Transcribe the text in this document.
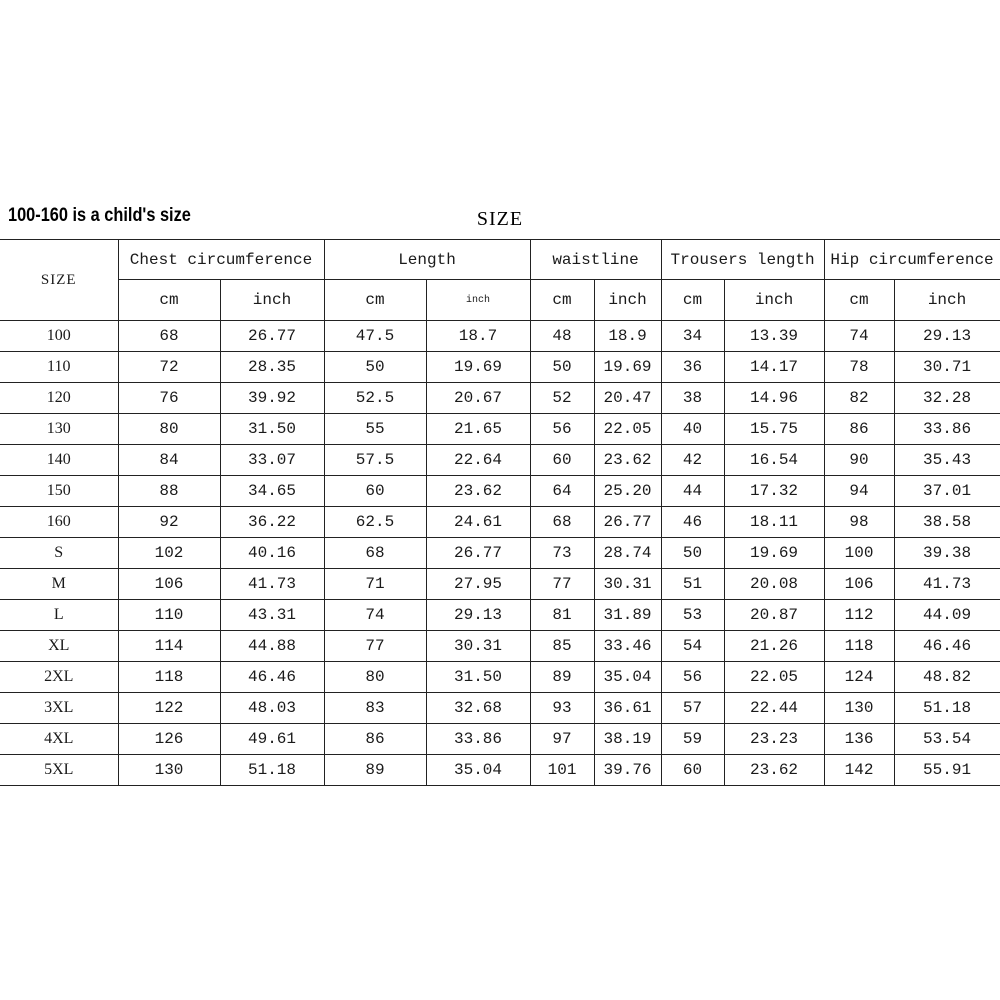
100-160 is a child's size	SIZE
SIZE	Chest circumference		Length		waistline		Trousers length		Hip circumference	
	cm	inch	cm	inch	cm	inch	cm	inch	cm	inch
100	68	26.77	47.5	18.7	48	18.9	34	13.39	74	29.13
110	72	28.35	50	19.69	50	19.69	36	14.17	78	30.71
120	76	39.92	52.5	20.67	52	20.47	38	14.96	82	32.28
130	80	31.50	55	21.65	56	22.05	40	15.75	86	33.86
140	84	33.07	57.5	22.64	60	23.62	42	16.54	90	35.43
150	88	34.65	60	23.62	64	25.20	44	17.32	94	37.01
160	92	36.22	62.5	24.61	68	26.77	46	18.11	98	38.58
S	102	40.16	68	26.77	73	28.74	50	19.69	100	39.38
M	106	41.73	71	27.95	77	30.31	51	20.08	106	41.73
L	110	43.31	74	29.13	81	31.89	53	20.87	112	44.09
XL	114	44.88	77	30.31	85	33.46	54	21.26	118	46.46
2XL	118	46.46	80	31.50	89	35.04	56	22.05	124	48.82
3XL	122	48.03	83	32.68	93	36.61	57	22.44	130	51.18
4XL	126	49.61	86	33.86	97	38.19	59	23.23	136	53.54
5XL	130	51.18	89	35.04	101	39.76	60	23.62	142	55.91
